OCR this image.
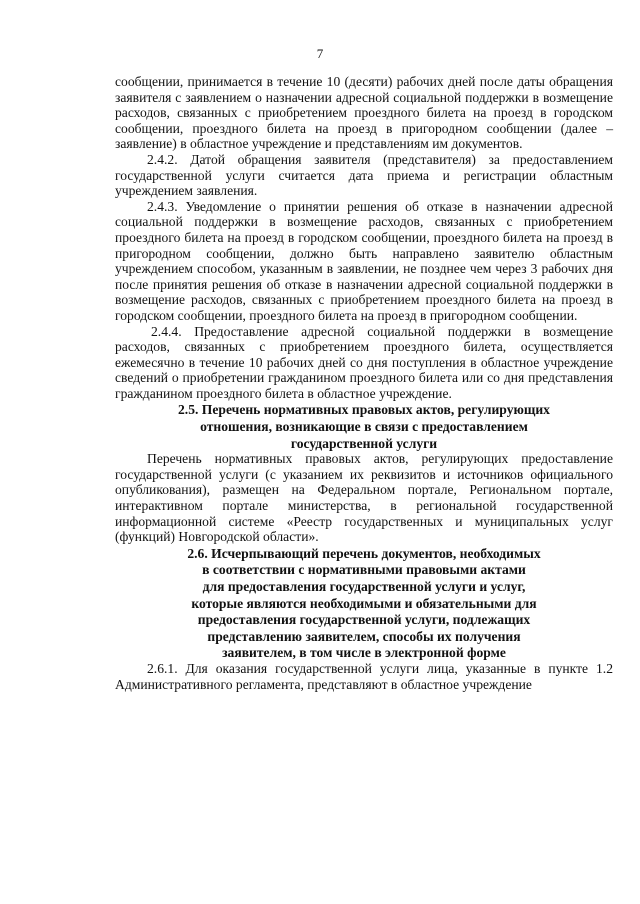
7

сообщении, принимается в течение 10 (десяти) рабочих дней после даты обращения заявителя с заявлением о назначении адресной социальной поддержки в возмещение расходов, связанных с приобретением проездного билета на проезд в городском сообщении, проездного билета на проезд в пригородном сообщении (далее – заявление) в областное учреждение и представлениям им документов.

2.4.2. Датой обращения заявителя (представителя) за предоставлением государственной услуги считается дата приема и регистрации областным учреждением заявления.

2.4.3. Уведомление о принятии решения об отказе в назначении адресной социальной поддержки в возмещение расходов, связанных с приобретением проездного билета на проезд в городском сообщении, проездного билета на проезд в пригородном сообщении, должно быть направлено заявителю областным учреждением способом, указанным в заявлении, не позднее чем через 3 рабочих дня после принятия решения об отказе в назначении адресной социальной поддержки в возмещение расходов, связанных с приобретением проездного билета на проезд в городском сообщении, проездного билета на проезд в пригородном сообщении.

2.4.4. Предоставление адресной социальной поддержки в возмещение расходов, связанных с приобретением проездного билета, осуществляется ежемесячно в течение 10 рабочих дней со дня поступления в областное учреждение сведений о приобретении гражданином проездного билета или со дня представления гражданином проездного билета в областное учреждение.

2.5. Перечень нормативных правовых актов, регулирующих
отношения, возникающие в связи с предоставлением
государственной услуги

Перечень нормативных правовых актов, регулирующих предоставление государственной услуги (с указанием их реквизитов и источников официального опубликования), размещен на Федеральном портале, Региональном портале, интерактивном портале министерства, в региональной государственной информационной системе «Реестр государственных и муниципальных услуг (функций) Новгородской области».

2.6. Исчерпывающий перечень документов, необходимых
в соответствии с нормативными правовыми актами
для предоставления государственной услуги и услуг,
которые являются необходимыми и обязательными для
предоставления государственной услуги, подлежащих
представлению заявителем, способы их получения
заявителем, в том числе в электронной форме

2.6.1. Для оказания государственной услуги лица, указанные в пункте 1.2 Административного регламента, представляют в областное учреждение
